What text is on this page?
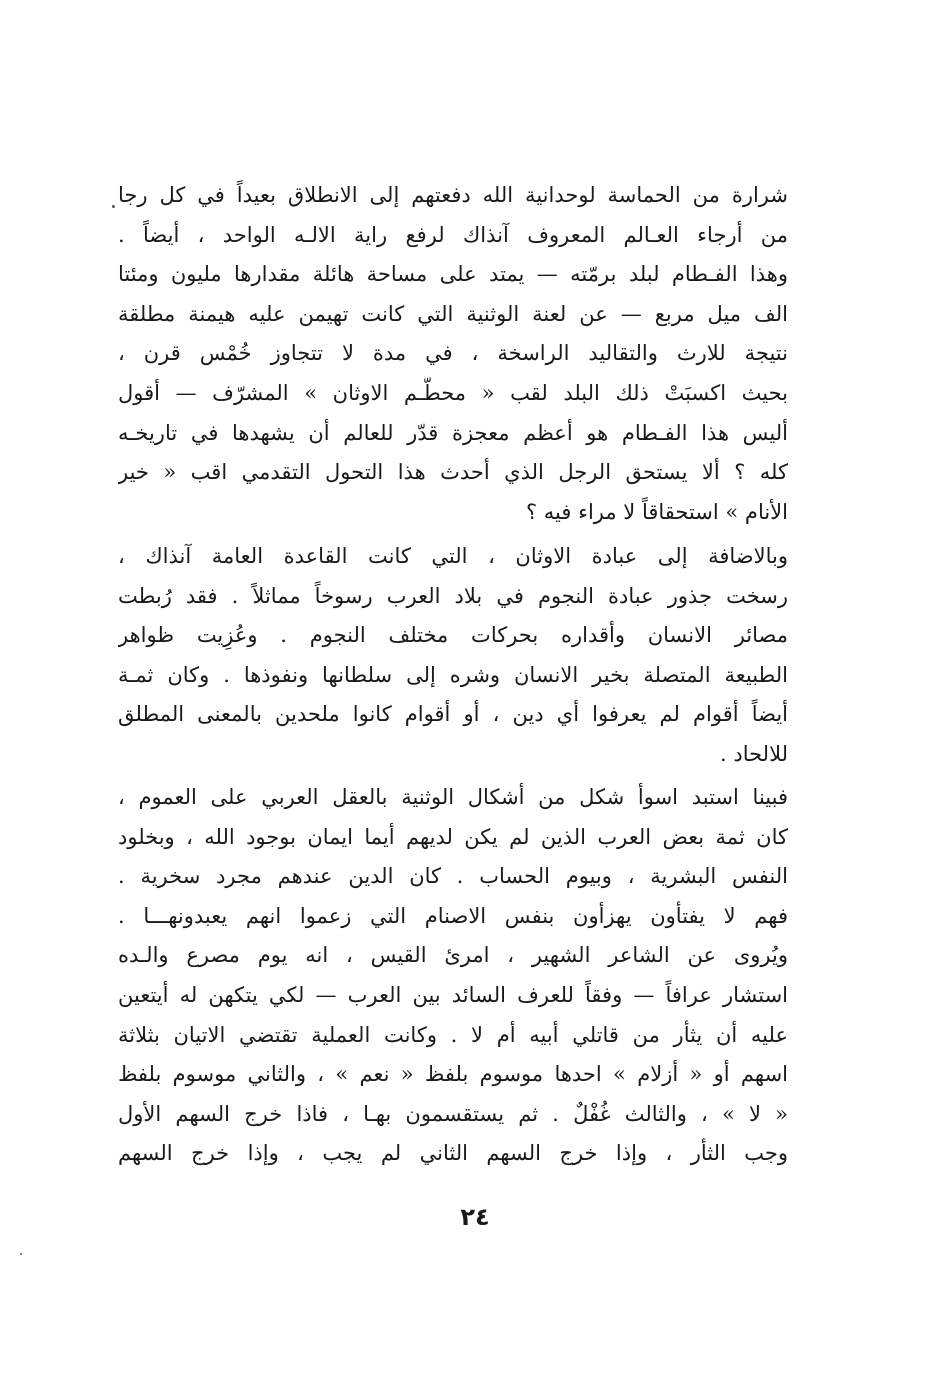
شرارة من الحماسة لوحدانية الله دفعتهم إلى الانطلاق بعيداً في كل رجا
من أرجاء العـالم المعروف آنذاك لرفع راية الالـه الواحد ، أيضاً .
وهذا الفـطام لبلد برمّته — يمتد على مساحة هائلة مقدارها مليون ومئتا
الف ميل مربع — عن لعنة الوثنية التي كانت تهيمن عليه هيمنة مطلقة
نتيجة للارث والتقاليد الراسخة ، في مدة لا تتجاوز خُمْس قرن ،
بحيث اكسبَتْ ذلك البلد لقب « محطّـم الاوثان » المشرّف — أقول
أليس هذا الفـطام هو أعظم معجزة قدّر للعالم أن يشهدها في تاريخـه
كله ؟ ألا يستحق الرجل الذي أحدث هذا التحول التقدمي اقب « خير
الأنام » استحقاقاً لا مراء فيه ؟
وبالاضافة إلى عبادة الاوثان ، التي كانت القاعدة العامة آنذاك ،
رسخت جذور عبادة النجوم في بلاد العرب رسوخاً مماثلاً . فقد رُبطت
مصائر الانسان وأقداره بحركات مختلف النجوم . وعُزِيت ظواهر
الطبيعة المتصلة بخير الانسان وشره إلى سلطانها ونفوذها . وكان ثمـة
أيضاً أقوام لم يعرفوا أي دين ، أو أقوام كانوا ملحدين بالمعنى المطلق
للالحاد .
فبينا استبد اسوأ شكل من أشكال الوثنية بالعقل العربي على العموم ،
كان ثمة بعض العرب الذين لم يكن لديهم أيما ايمان بوجود الله ، وبخلود
النفس البشرية ، وبيوم الحساب . كان الدين عندهم مجرد سخرية .
فهم لا يفتأون يهزأون بنفس الاصنام التي زعموا انهم يعبدونهـــا .
ويُروى عن الشاعر الشهير ، امرئ القيس ، انه يوم مصرع والـده
استشار عرافاً — وفقاً للعرف السائد بين العرب — لكي يتكهن له أيتعين
عليه أن يثأر من قاتلي أبيه أم لا . وكانت العملية تقتضي الاتيان بثلاثة
اسهم أو « أزلام » احدها موسوم بلفظ « نعم » ، والثاني موسوم بلفظ
« لا » ، والثالث غُفْلٌ . ثم يستقسمون بهـا ، فاذا خرج السهم الأول
وجب الثأر ، وإذا خرج السهم الثاني لم يجب ، وإذا خرج السهم
٢٤
